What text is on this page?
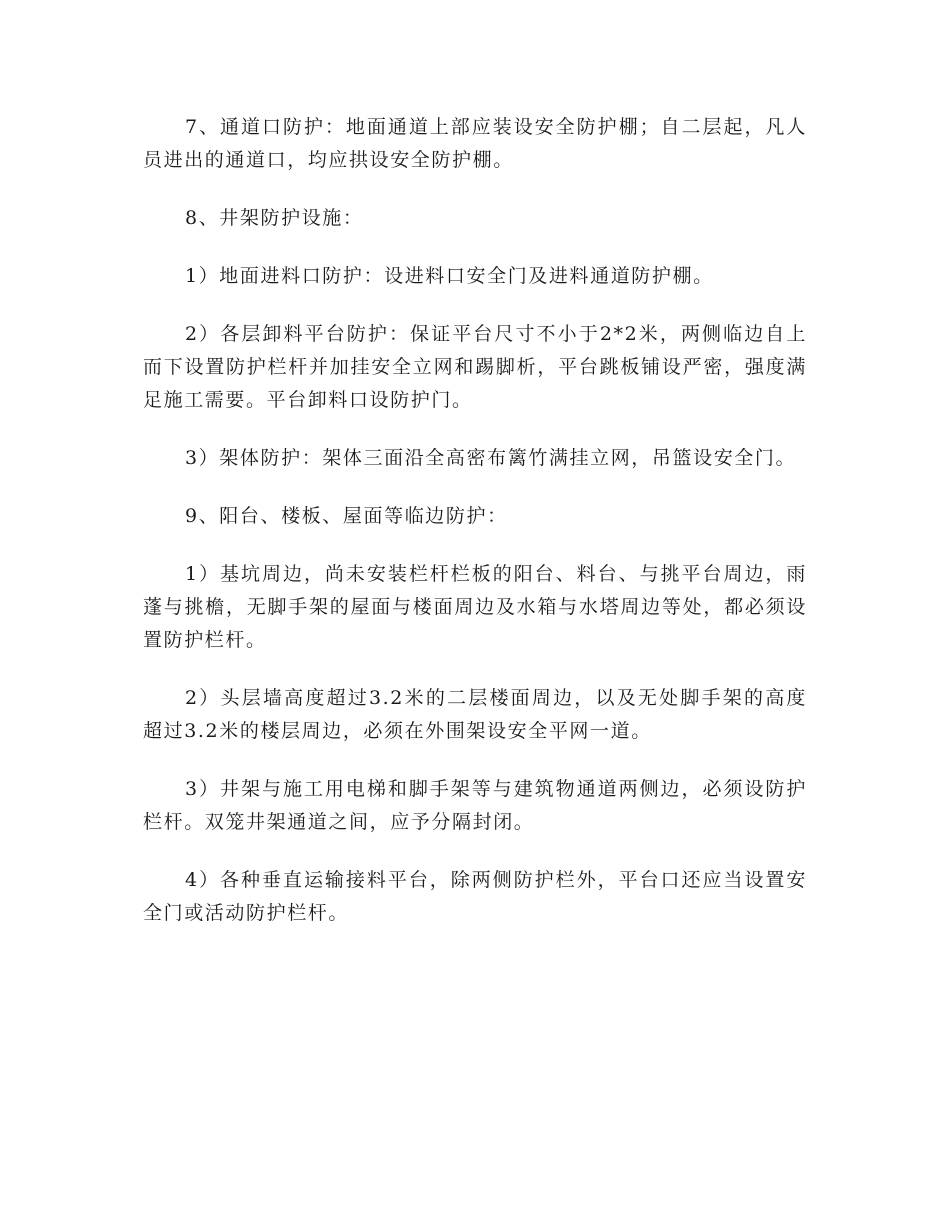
7、通道口防护：地面通道上部应装设安全防护棚；自二层起，凡人员进出的通道口，均应拱设安全防护棚。

8、井架防护设施：

1）地面进料口防护：设进料口安全门及进料通道防护棚。

2）各层卸料平台防护：保证平台尺寸不小于2*2米，两侧临边自上而下设置防护栏杆并加挂安全立网和踢脚析，平台跳板铺设严密，强度满足施工需要。平台卸料口设防护门。

3）架体防护：架体三面沿全高密布篱竹满挂立网，吊篮设安全门。

9、阳台、楼板、屋面等临边防护：

1）基坑周边，尚未安装栏杆栏板的阳台、料台、与挑平台周边，雨蓬与挑檐，无脚手架的屋面与楼面周边及水箱与水塔周边等处，都必须设置防护栏杆。

2）头层墙高度超过3.2米的二层楼面周边，以及无处脚手架的高度超过3.2米的楼层周边，必须在外围架设安全平网一道。

3）井架与施工用电梯和脚手架等与建筑物通道两侧边，必须设防护栏杆。双笼井架通道之间，应予分隔封闭。

4）各种垂直运输接料平台，除两侧防护栏外，平台口还应当设置安全门或活动防护栏杆。
